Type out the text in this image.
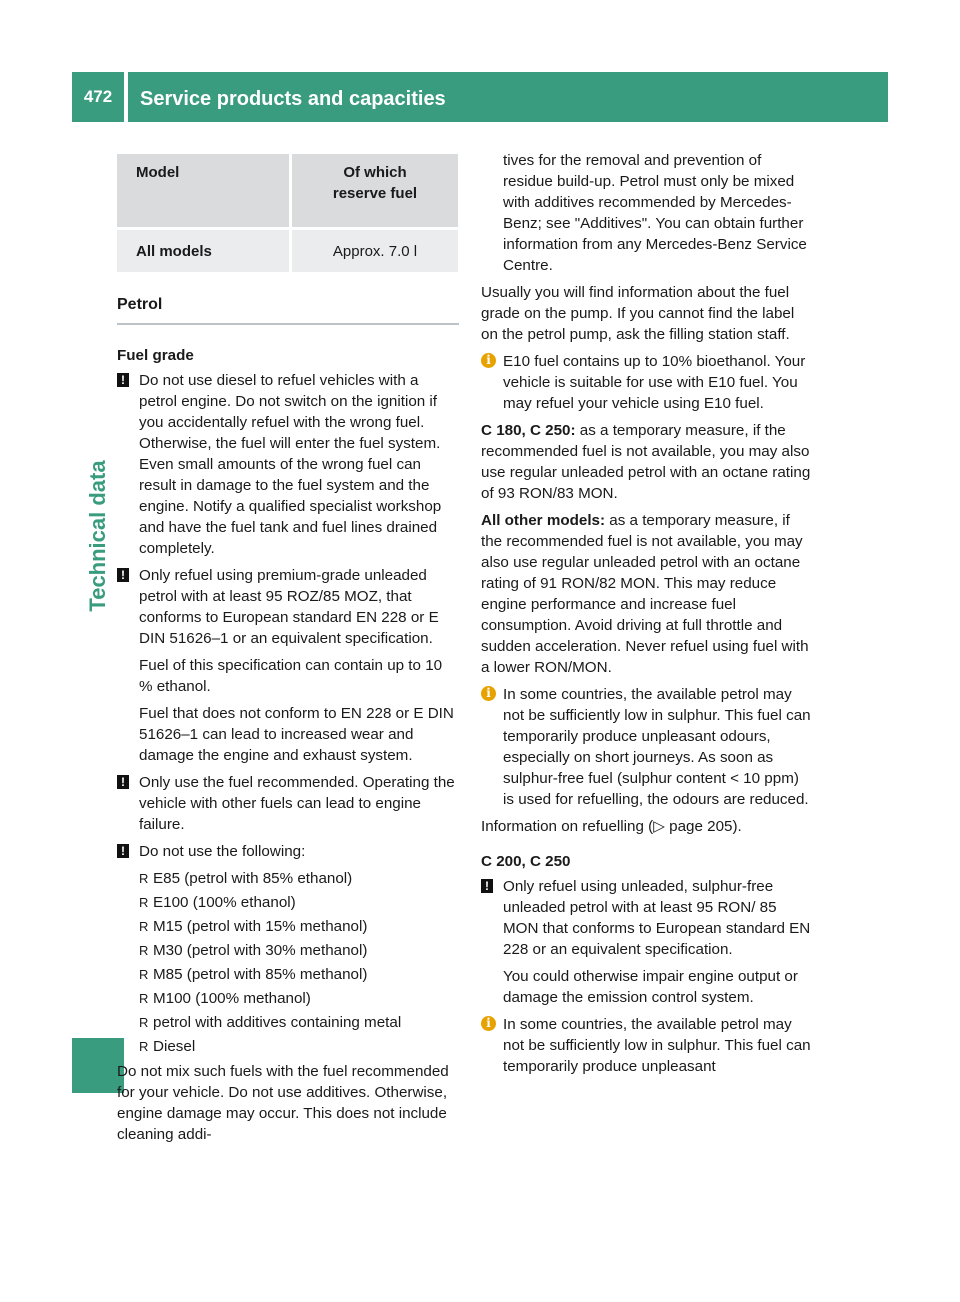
472	Service products and capacities
Technical data
Model	Of which
reserve fuel

All models	Approx. 7.0 l
Petrol

Fuel grade

! Do not use diesel to refuel vehicles with a petrol engine. Do not switch on the ignition if you accidentally refuel with the wrong fuel. Otherwise, the fuel will enter the fuel system. Even small amounts of the wrong fuel can result in damage to the fuel system and the engine. Notify a qualified specialist workshop and have the fuel tank and fuel lines drained completely.
! Only refuel using premium-grade unleaded petrol with at least 95 ROZ/85 MOZ, that conforms to European standard EN 228 or E DIN 51626–1 or an equivalent specification.

Fuel of this specification can contain up to 10 % ethanol.

Fuel that does not conform to EN 228 or E DIN 51626–1 can lead to increased wear and damage the engine and exhaust system.

! Only use the fuel recommended. Operating the vehicle with other fuels can lead to engine failure.
! Do not use the following:
R E85 (petrol with 85% ethanol)
R E100 (100% ethanol)
R M15 (petrol with 15% methanol)
R M30 (petrol with 30% methanol)
R M85 (petrol with 85% methanol)
R M100 (100% methanol)
R petrol with additives containing metal
R Diesel

Do not mix such fuels with the fuel recommended for your vehicle. Do not use additives. Otherwise, engine damage may occur. This does not include cleaning addi-

tives for the removal and prevention of residue build-up. Petrol must only be mixed with additives recommended by Mercedes-Benz; see "Additives". You can obtain further information from any Mercedes-Benz Service Centre.

Usually you will find information about the fuel grade on the pump. If you cannot find the label on the petrol pump, ask the filling station staff.

i E10 fuel contains up to 10% bioethanol. Your vehicle is suitable for use with E10 fuel. You may refuel your vehicle using E10 fuel.

C 180, C 250: as a temporary measure, if the recommended fuel is not available, you may also use regular unleaded petrol with an octane rating of 93 RON/83 MON.

All other models: as a temporary measure, if the recommended fuel is not available, you may also use regular unleaded petrol with an octane rating of 91 RON/82 MON. This may reduce engine performance and increase fuel consumption. Avoid driving at full throttle and sudden acceleration. Never refuel using fuel with a lower RON/MON.

i In some countries, the available petrol may not be sufficiently low in sulphur. This fuel can temporarily produce unpleasant odours, especially on short journeys. As soon as sulphur-free fuel (sulphur content < 10 ppm) is used for refuelling, the odours are reduced.

Information on refuelling (▷ page 205).

C 200, C 250

! Only refuel using unleaded, sulphur-free unleaded petrol with at least 95 RON/ 85 MON that conforms to European standard EN 228 or an equivalent specification.

You could otherwise impair engine output or damage the emission control system.

i In some countries, the available petrol may not be sufficiently low in sulphur. This fuel can temporarily produce unpleasant
